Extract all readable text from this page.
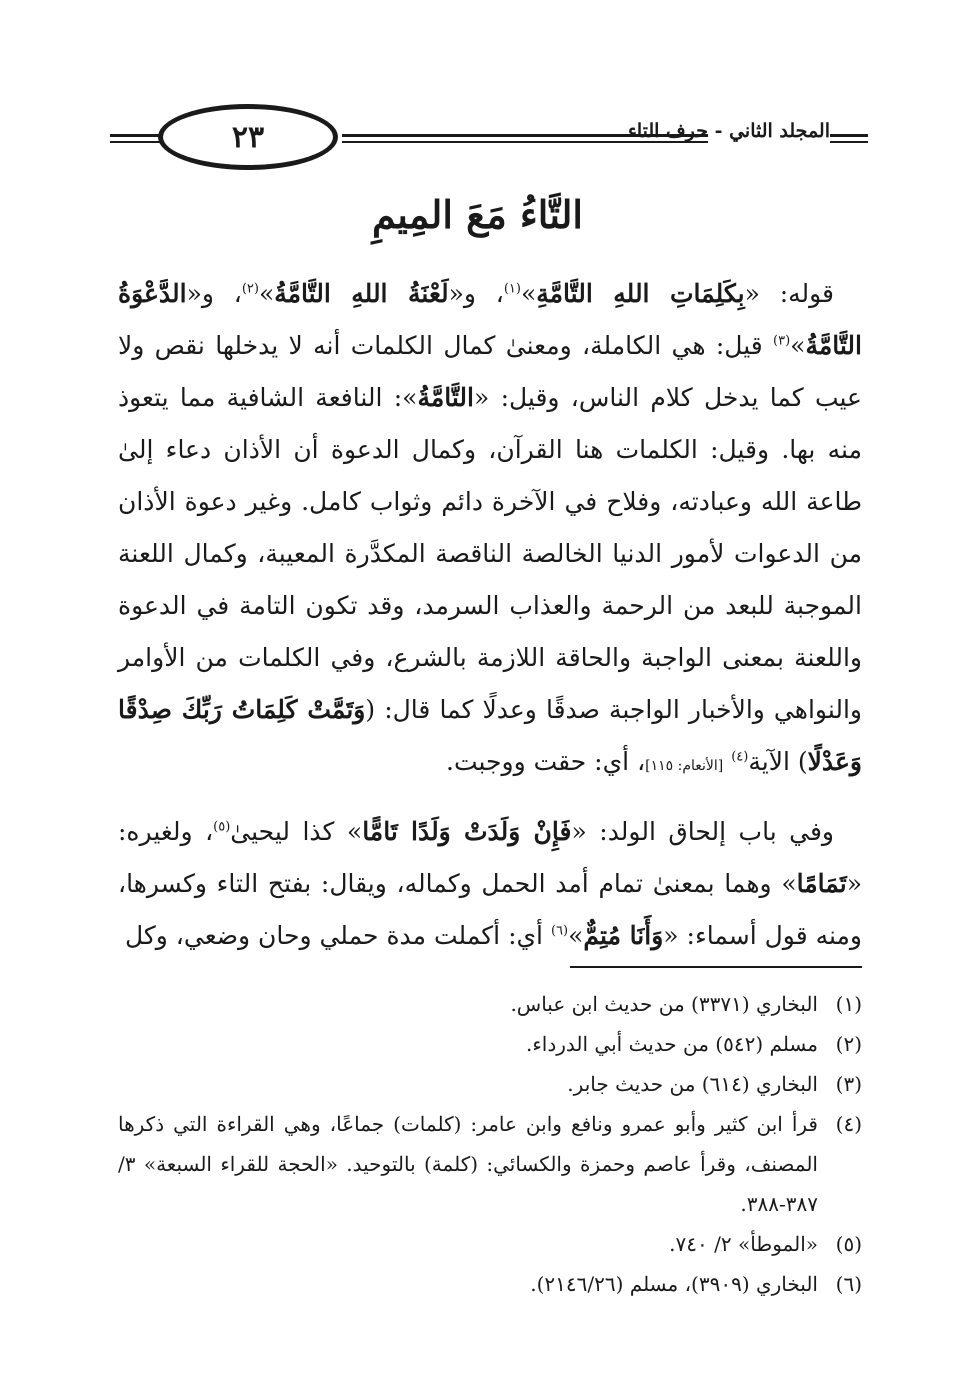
٢٣	المجلد الثاني - حرف التاء
التَّاءُ مَعَ المِيمِ

قوله: «بِكَلِمَاتِ اللهِ التَّامَّةِ»$^{(١)}$، و«لَعْنَةُ اللهِ التَّامَّةُ»$^{(٢)}$، و«الدَّعْوَةُ التَّامَّةُ»$^{(٣)}$ قيل: هي الكاملة، ومعنىٰ كمال الكلمات أنه لا يدخلها نقص ولا عيب كما يدخل كلام الناس، وقيل: «التَّامَّةُ»: النافعة الشافية مما يتعوذ منه بها. وقيل: الكلمات هنا القرآن، وكمال الدعوة أن الأذان دعاء إلىٰ طاعة الله وعبادته، وفلاح في الآخرة دائم وثواب كامل. وغير دعوة الأذان من الدعوات لأمور الدنيا الخالصة الناقصة المكدَّرة المعيبة، وكمال اللعنة الموجبة للبعد من الرحمة والعذاب السرمد، وقد تكون التامة في الدعوة واللعنة بمعنى الواجبة والحاقة اللازمة بالشرع، وفي الكلمات من الأوامر والنواهي والأخبار الواجبة صدقًا وعدلًا كما قال: (وَتَمَّتْ كَلِمَاتُ رَبِّكَ صِدْقًا وَعَدْلًا) الآية$^{(٤)}$ [الأنعام: ١١٥]، أي: حقت ووجبت.

وفي باب إلحاق الولد: «فَإِنْ وَلَدَتْ وَلَدًا تَامًّا» كذا ليحيىٰ$^{(٥)}$، ولغيره: «تَمَامًا» وهما بمعنىٰ تمام أمد الحمل وكماله، ويقال: بفتح التاء وكسرها، ومنه قول أسماء: «وَأَنَا مُتِمٌّ»$^{(٦)}$ أي: أكملت مدة حملي وحان وضعي، وكل

(١)
البخاري (٣٣٧١) من حديث ابن عباس.
(٢)
مسلم (٥٤٢) من حديث أبي الدرداء.
(٣)
البخاري (٦١٤) من حديث جابر.
(٤)
قرأ ابن كثير وأبو عمرو ونافع وابن عامر: (كلمات) جماعًا، وهي القراءة التي ذكرها المصنف، وقرأ عاصم وحمزة والكسائي: (كلمة) بالتوحيد. «الحجة للقراء السبعة» ٣/ ٣٨٧-٣٨٨.
(٥)
«الموطأ» ٢/ ٧٤٠.
(٦)
البخاري (٣٩٠٩)، مسلم (٢١٤٦/٢٦).
